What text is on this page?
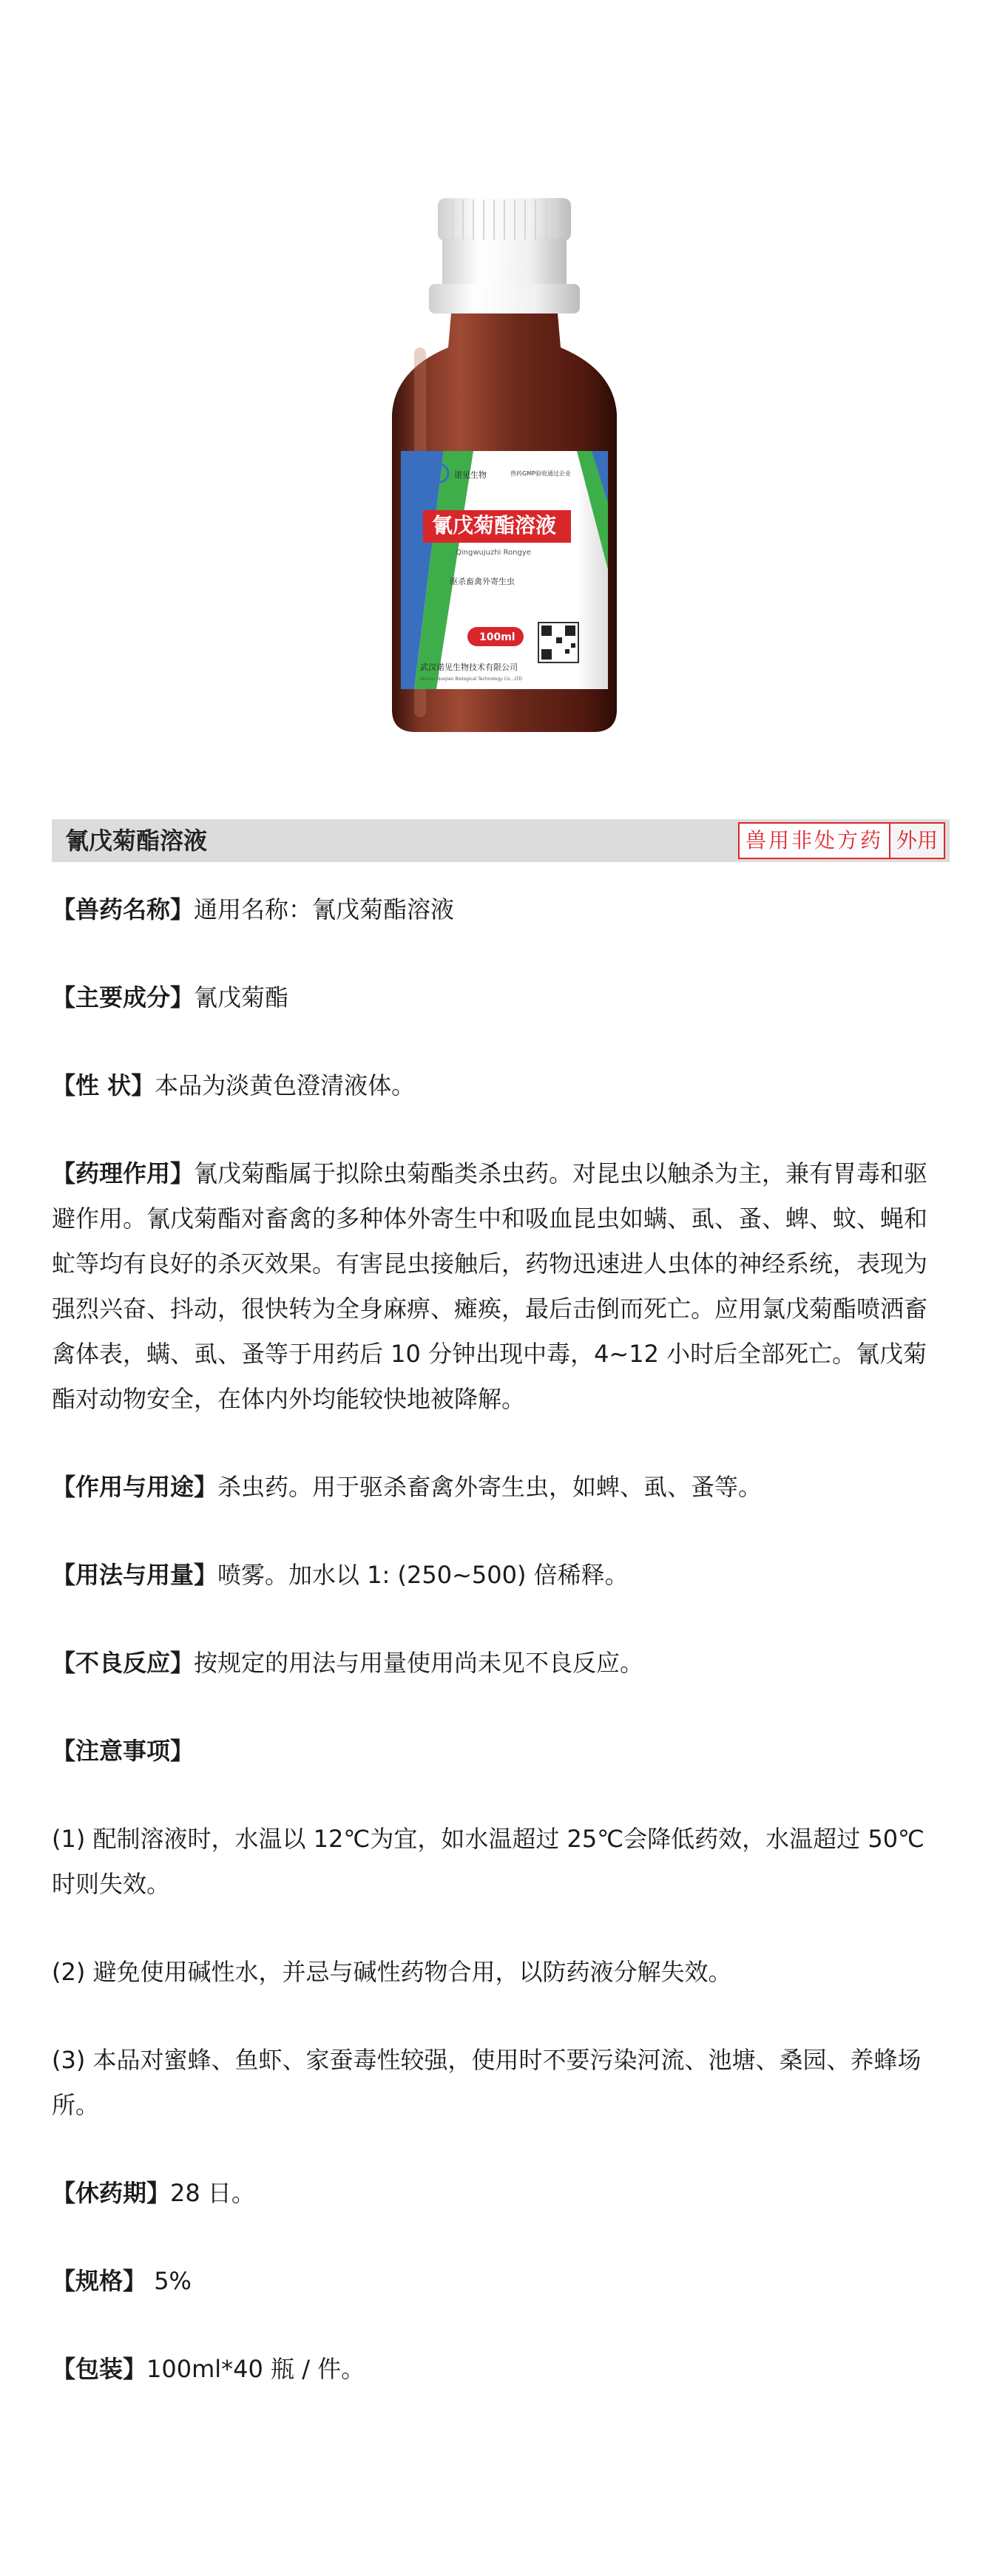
诺见生物	兽药GMP验收通过企业
氰戊菊酯溶液
Qingwujuzhi Rongye
驱杀畜禽外寄生虫
100ml
武汉诺见生物技术有限公司
Wuhan Nuojian Biological Technology Co., LTD
氰戊菊酯溶液	兽用非处方药 外用

【兽药名称】通用名称：氰戊菊酯溶液

【主要成分】氰戊菊酯

【性 状】本品为淡黄色澄清液体。

【药理作用】氰戊菊酯属于拟除虫菊酯类杀虫药。对昆虫以触杀为主，兼有胃毒和驱避作用。氰戊菊酯对畜禽的多种体外寄生中和吸血昆虫如螨、虱、蚤、蜱、蚊、蝇和虻等均有良好的杀灭效果。有害昆虫接触后，药物迅速进人虫体的神经系统，表现为强烈兴奋、抖动，很快转为全身麻痹、瘫痪，最后击倒而死亡。应用氯戊菊酯喷洒畜禽体表，螨、虱、蚤等于用药后 10 分钟出现中毒，4~12 小时后全部死亡。氰戊菊酯对动物安全，在体内外均能较快地被降解。

【作用与用途】杀虫药。用于驱杀畜禽外寄生虫，如蜱、虱、蚤等。

【用法与用量】喷雾。加水以 1: (250~500) 倍稀释。

【不良反应】按规定的用法与用量使用尚未见不良反应。

【注意事项】

(1) 配制溶液时，水温以 12℃为宜，如水温超过 25℃会降低药效，水温超过 50℃时则失效。

(2) 避免使用碱性水，并忌与碱性药物合用，以防药液分解失效。

(3) 本品对蜜蜂、鱼虾、家蚕毒性较强，使用时不要污染河流、池塘、桑园、养蜂场所。

【休药期】28 日。

【规格】 5%

【包装】100ml*40 瓶 / 件。
